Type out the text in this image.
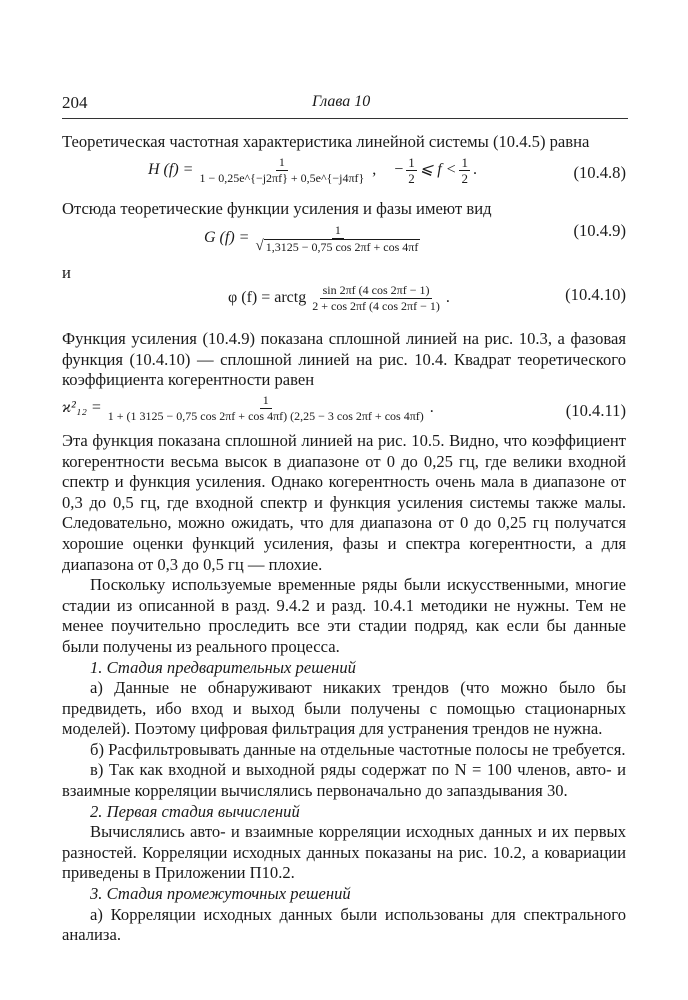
204	Глава 10

Теоретическая частотная характеристика линейной системы (10.4.5) равна

H $(f) = \frac{1}{1 - 0,25e\^{}\{-j2\pi f\} + 0,5e\^{}\{-j4\pi f\}}$ , − $\frac{1}{2}$ ⩽ $f < \frac{1}{2}$ .	(10.4.8)

Отсюда теоретические функции усиления и фазы имеют вид

G $(f) = \frac{1}{√ 1,3125 - 0,75 \cos 2\pi f + \cos 4\pi f}$	(10.4.9)
и
φ (f) = arctg $\frac{\sin 2\pi f (4 \cos 2\pi f - 1)}{2 + \cos 2\pi f (4 \cos 2\pi f - 1)}$ .	(10.4.10)

Функция усиления (10.4.9) показана сплошной линией на рис. 10.3, а фазовая функция (10.4.10) — сплошной линией на рис. 10.4. Квадрат теоретического коэффициента когерентности равен

ϰ²₁₂ =	1
1 + (1 3125 − 0,75 cos 2πf + cos 4πf) (2,25 − 3 cos 2πf + cos 4πf) .	(10.4.11)

Эта функция показана сплошной линией на рис. 10.5. Видно, что коэффициент когерентности весьма высок в диапазоне от 0 до 0,25 гц, где велики входной спектр и функция усиления. Однако когерентность очень мала в диапазоне от 0,3 до 0,5 гц, где входной спектр и функция усиления системы также малы. Следовательно, можно ожидать, что для диапазона от 0 до 0,25 гц получатся хорошие оценки функций усиления, фазы и спектра когерентности, а для диапазона от 0,3 до 0,5 гц — плохие.

Поскольку используемые временные ряды были искусственными, многие стадии из описанной в разд. 9.4.2 и разд. 10.4.1 методики не нужны. Тем не менее поучительно проследить все эти стадии подряд, как если бы данные были получены из реального процесса.

1. Стадия предварительных решений

а) Данные не обнаруживают никаких трендов (что можно было бы предвидеть, ибо вход и выход были получены с помощью стационарных моделей). Поэтому цифровая фильтрация для устранения трендов не нужна.

б) Расфильтровывать данные на отдельные частотные полосы не требуется.

в) Так как входной и выходной ряды содержат по N = 100 членов, авто- и взаимные корреляции вычислялись первоначально до запаздывания 30.

2. Первая стадия вычислений

Вычислялись авто- и взаимные корреляции исходных данных и их первых разностей. Корреляции исходных данных показаны на рис. 10.2, а ковариации приведены в Приложении П10.2.

3. Стадия промежуточных решений

а) Корреляции исходных данных были использованы для спектрального анализа.
